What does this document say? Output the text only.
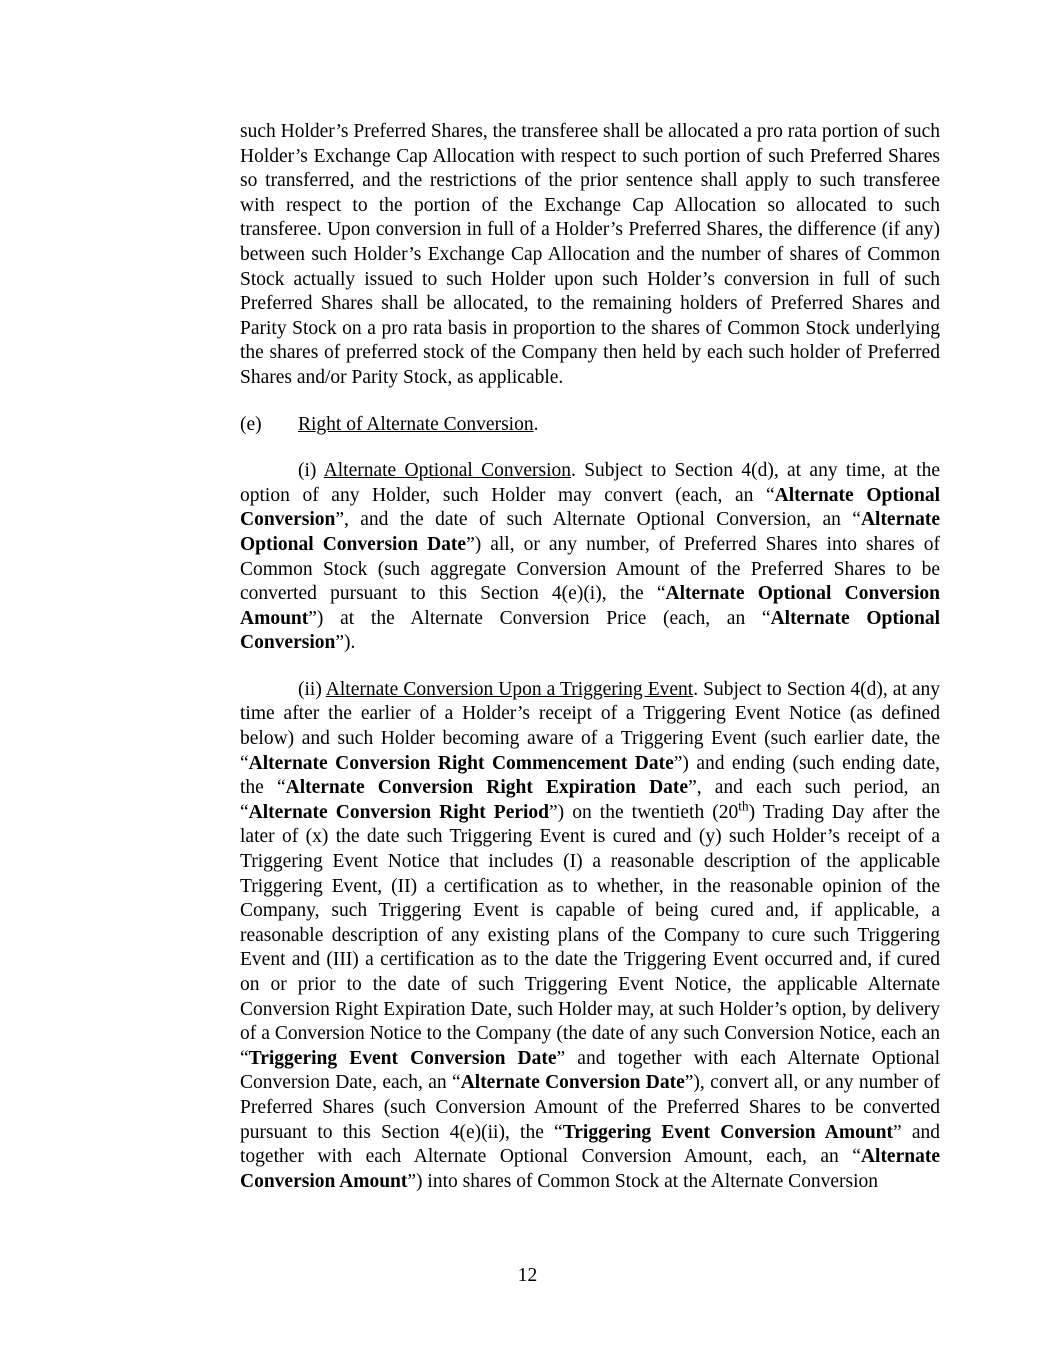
such Holder’s Preferred Shares, the transferee shall be allocated a pro rata portion of such Holder’s Exchange Cap Allocation with respect to such portion of such Preferred Shares so transferred, and the restrictions of the prior sentence shall apply to such transferee with respect to the portion of the Exchange Cap Allocation so allocated to such transferee. Upon conversion in full of a Holder’s Preferred Shares, the difference (if any) between such Holder’s Exchange Cap Allocation and the number of shares of Common Stock actually issued to such Holder upon such Holder’s conversion in full of such Preferred Shares shall be allocated, to the remaining holders of Preferred Shares and Parity Stock on a pro rata basis in proportion to the shares of Common Stock underlying the shares of preferred stock of the Company then held by each such holder of Preferred Shares and/or Parity Stock, as applicable.

(e)	Right of Alternate Conversion.

(i) Alternate Optional Conversion. Subject to Section 4(d), at any time, at the option of any Holder, such Holder may convert (each, an “Alternate Optional Conversion”, and the date of such Alternate Optional Conversion, an “Alternate Optional Conversion Date”) all, or any number, of Preferred Shares into shares of Common Stock (such aggregate Conversion Amount of the Preferred Shares to be converted pursuant to this Section 4(e)(i), the “Alternate Optional Conversion Amount”) at the Alternate Conversion Price (each, an “Alternate Optional Conversion”).

(ii) Alternate Conversion Upon a Triggering Event. Subject to Section 4(d), at any time after the earlier of a Holder’s receipt of a Triggering Event Notice (as defined below) and such Holder becoming aware of a Triggering Event (such earlier date, the “Alternate Conversion Right Commencement Date”) and ending (such ending date, the “Alternate Conversion Right Expiration Date”, and each such period, an “Alternate Conversion Right Period”) on the twentieth (20th) Trading Day after the later of (x) the date such Triggering Event is cured and (y) such Holder’s receipt of a Triggering Event Notice that includes (I) a reasonable description of the applicable Triggering Event, (II) a certification as to whether, in the reasonable opinion of the Company, such Triggering Event is capable of being cured and, if applicable, a reasonable description of any existing plans of the Company to cure such Triggering Event and (III) a certification as to the date the Triggering Event occurred and, if cured on or prior to the date of such Triggering Event Notice, the applicable Alternate Conversion Right Expiration Date, such Holder may, at such Holder’s option, by delivery of a Conversion Notice to the Company (the date of any such Conversion Notice, each an “Triggering Event Conversion Date” and together with each Alternate Optional Conversion Date, each, an “Alternate Conversion Date”), convert all, or any number of Preferred Shares (such Conversion Amount of the Preferred Shares to be converted pursuant to this Section 4(e)(ii), the “Triggering Event Conversion Amount” and together with each Alternate Optional Conversion Amount, each, an “Alternate Conversion Amount”) into shares of Common Stock at the Alternate Conversion

12
